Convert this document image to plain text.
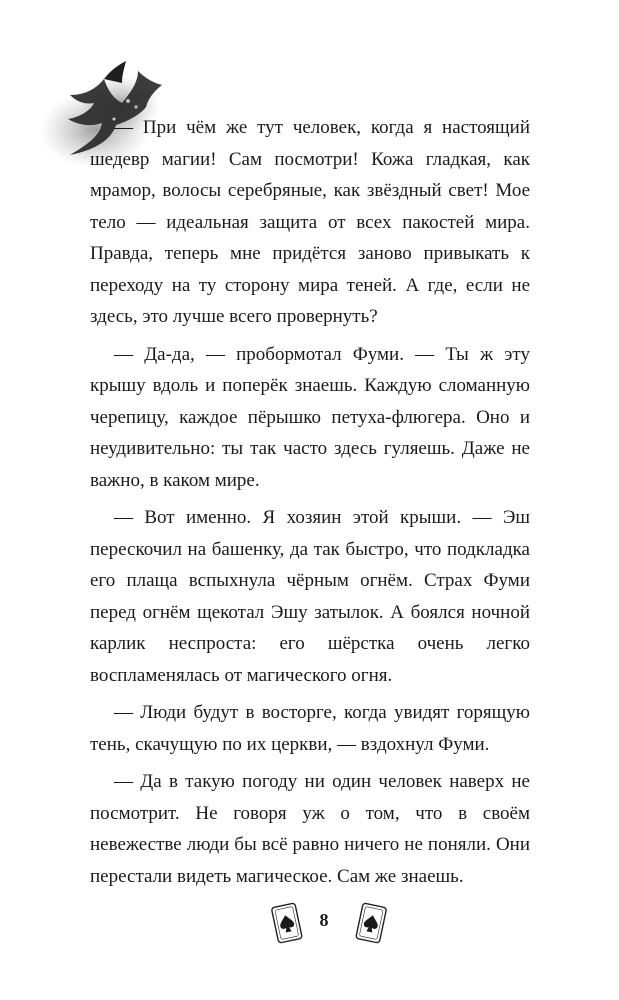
— При чём же тут человек, когда я настоящий шедевр магии! Сам посмотри! Кожа гладкая, как мрамор, волосы серебряные, как звёздный свет! Мое тело — идеальная защита от всех пакостей мира. Правда, теперь мне придётся заново привыкать к переходу на ту сторону мира теней. А где, если не здесь, это лучше всего провернуть?

— Да-да, — пробормотал Фуми. — Ты ж эту крышу вдоль и поперёк знаешь. Каждую сломанную черепицу, каждое пёрышко петуха-флюгера. Оно и неудивительно: ты так часто здесь гуляешь. Даже не важно, в каком мире.

— Вот именно. Я хозяин этой крыши. — Эш перескочил на башенку, да так быстро, что подкладка его плаща вспыхнула чёрным огнём. Страх Фуми перед огнём щекотал Эшу затылок. А боялся ночной карлик неспроста: его шёрстка очень легко воспламенялась от магического огня.

— Люди будут в восторге, когда увидят горящую тень, скачущую по их церкви, — вздохнул Фуми.

— Да в такую погоду ни один человек наверх не посмотрит. Не говоря уж о том, что в своём невежестве люди бы всё равно ничего не поняли. Они перестали видеть магическое. Сам же знаешь.

8
